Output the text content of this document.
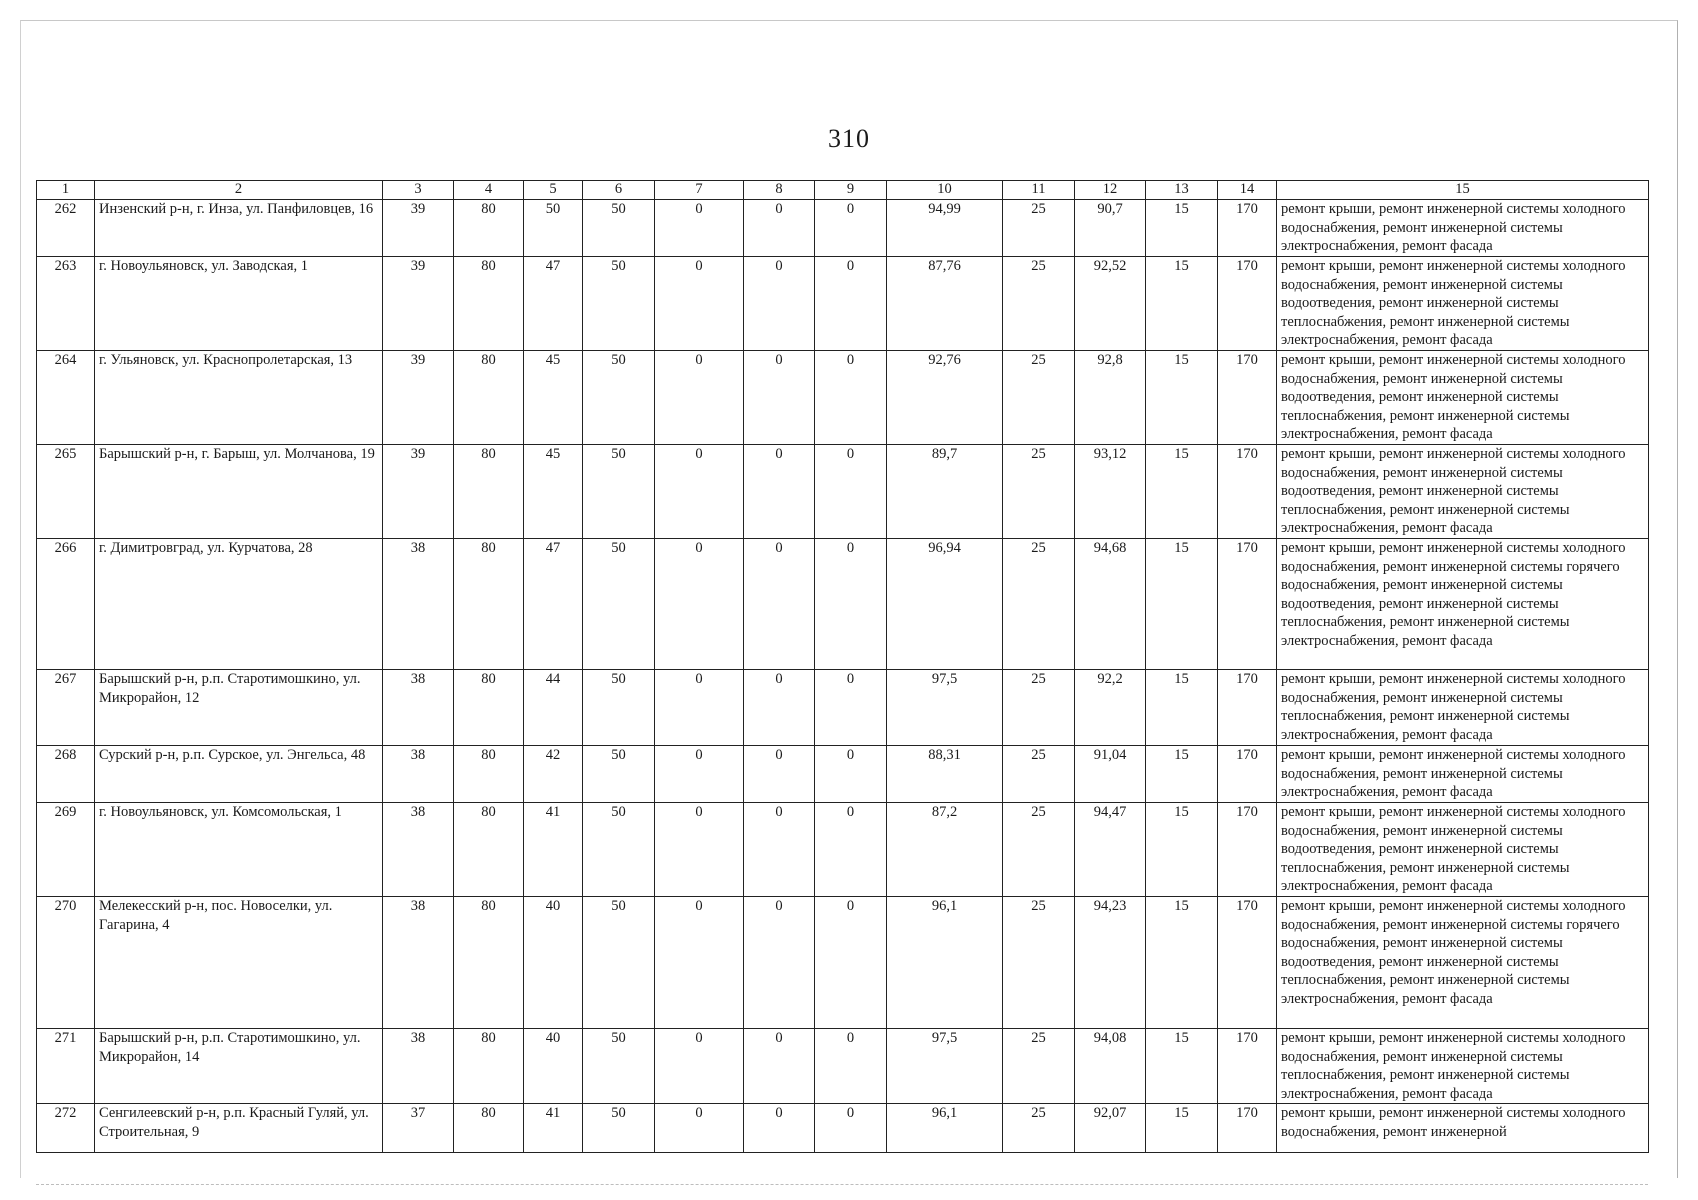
310
1	2	3	4	5	6	7	8	9	10	11	12	13	14	15
262	Инзенский р-н, г. Инза, ул. Панфиловцев, 16	39	80	50	50	0	0	0	94,99	25	90,7	15	170	ремонт крыши, ремонт инженерной системы холодного водоснабжения, ремонт инженерной системы электроснабжения, ремонт фасада
263	г. Новоульяновск, ул. Заводская, 1	39	80	47	50	0	0	0	87,76	25	92,52	15	170	ремонт крыши, ремонт инженерной системы холодного водоснабжения, ремонт инженерной системы водоотведения, ремонт инженерной системы теплоснабжения, ремонт инженерной системы электроснабжения, ремонт фасада
264	г. Ульяновск, ул. Краснопролетарская, 13	39	80	45	50	0	0	0	92,76	25	92,8	15	170	ремонт крыши, ремонт инженерной системы холодного водоснабжения, ремонт инженерной системы водоотведения, ремонт инженерной системы теплоснабжения, ремонт инженерной системы электроснабжения, ремонт фасада
265	Барышский р-н, г. Барыш, ул. Молчанова, 19	39	80	45	50	0	0	0	89,7	25	93,12	15	170	ремонт крыши, ремонт инженерной системы холодного водоснабжения, ремонт инженерной системы водоотведения, ремонт инженерной системы теплоснабжения, ремонт инженерной системы электроснабжения, ремонт фасада
266	г. Димитровград, ул. Курчатова, 28	38	80	47	50	0	0	0	96,94	25	94,68	15	170	ремонт крыши, ремонт инженерной системы холодного водоснабжения, ремонт инженерной системы горячего водоснабжения, ремонт инженерной системы водоотведения, ремонт инженерной системы теплоснабжения, ремонт инженерной системы электроснабжения, ремонт фасада
267	Барышский р-н, р.п. Старотимошкино, ул. Микрорайон, 12	38	80	44	50	0	0	0	97,5	25	92,2	15	170	ремонт крыши, ремонт инженерной системы холодного водоснабжения, ремонт инженерной системы теплоснабжения, ремонт инженерной системы электроснабжения, ремонт фасада
268	Сурский р-н, р.п. Сурское, ул. Энгельса, 48	38	80	42	50	0	0	0	88,31	25	91,04	15	170	ремонт крыши, ремонт инженерной системы холодного водоснабжения, ремонт инженерной системы электроснабжения, ремонт фасада
269	г. Новоульяновск, ул. Комсомольская, 1	38	80	41	50	0	0	0	87,2	25	94,47	15	170	ремонт крыши, ремонт инженерной системы холодного водоснабжения, ремонт инженерной системы водоотведения, ремонт инженерной системы теплоснабжения, ремонт инженерной системы электроснабжения, ремонт фасада
270	Мелекесский р-н, пос. Новоселки, ул. Гагарина, 4	38	80	40	50	0	0	0	96,1	25	94,23	15	170	ремонт крыши, ремонт инженерной системы холодного водоснабжения, ремонт инженерной системы горячего водоснабжения, ремонт инженерной системы водоотведения, ремонт инженерной системы теплоснабжения, ремонт инженерной системы электроснабжения, ремонт фасада
271	Барышский р-н, р.п. Старотимошкино, ул. Микрорайон, 14	38	80	40	50	0	0	0	97,5	25	94,08	15	170	ремонт крыши, ремонт инженерной системы холодного водоснабжения, ремонт инженерной системы теплоснабжения, ремонт инженерной системы электроснабжения, ремонт фасада
272	Сенгилеевский р-н, р.п. Красный Гуляй, ул. Строительная, 9	37	80	41	50	0	0	0	96,1	25	92,07	15	170	ремонт крыши, ремонт инженерной системы холодного водоснабжения, ремонт инженерной
